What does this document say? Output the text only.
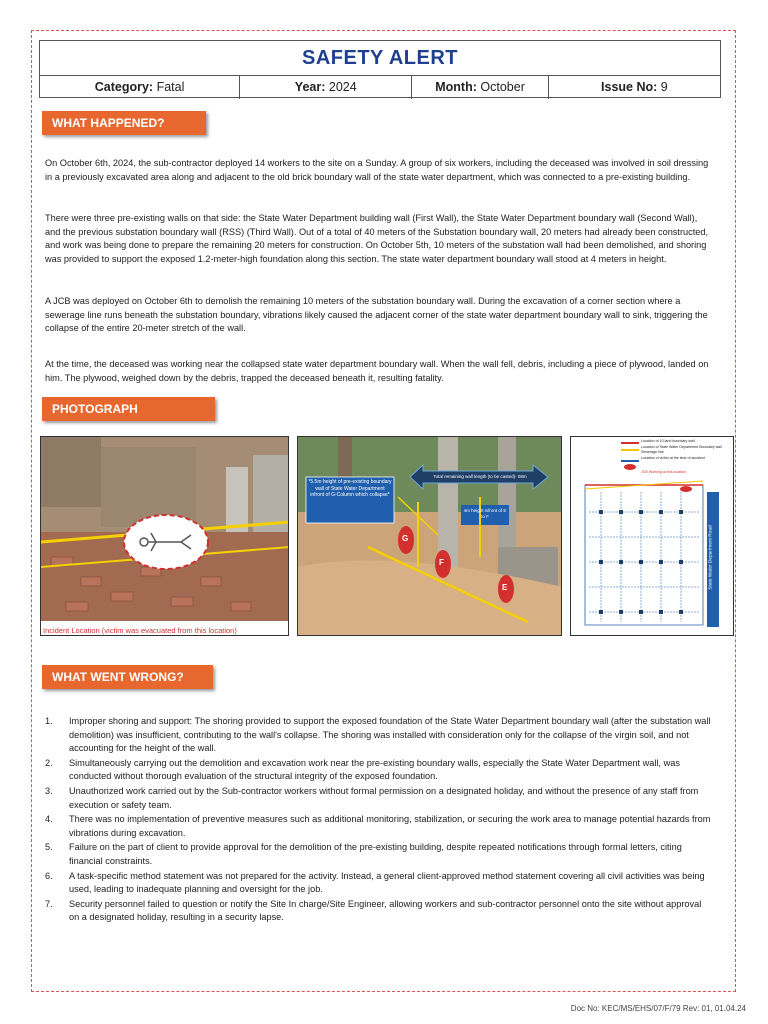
SAFETY ALERT
Category: Fatal	Year: 2024	Month: October	Issue No: 9
WHAT HAPPENED?
On October 6th, 2024, the sub-contractor deployed 14 workers to the site on a Sunday. A group of six workers, including the deceased was involved in soil dressing in a previously excavated area along and adjacent to the old brick boundary wall of the state water department, which was connected to a pre-existing building.
There were three pre-existing walls on that side: the State Water Department building wall (First Wall), the State Water Department boundary wall (Second Wall), and the previous substation boundary wall (RSS) (Third Wall). Out of a total of 40 meters of the Substation boundary wall, 20 meters had already been constructed, and work was being done to prepare the remaining 20 meters for construction. On October 5th, 10 meters of the substation wall had been demolished, and shoring was provided to support the exposed 1.2-meter-high foundation along this section. The state water department boundary wall stood at 4 meters in height.
A JCB was deployed on October 6th to demolish the remaining 10 meters of the substation boundary wall. During the excavation of a corner section where a sewerage line runs beneath the substation boundary, vibrations likely caused the adjacent corner of the state water department boundary wall to sink, triggering the collapse of the entire 20-meter stretch of the wall.
At the time, the deceased was working near the collapsed state water department boundary wall. When the wall fell, debris, including a piece of plywood, landed on him. The plywood, weighed down by the debris, trapped the deceased beneath it, resulting fatality.
PHOTOGRAPH
Incident Location (victim was evacuated from this location)
*5.5m height of pre-existing boundary wall of State Water Department infront of G-Column which collapse*
Total remaining wall length (to be casted)- 08m
4m height infront of E to F
G
F
E
Location of 10 land boundary wall
Location of State Water Department Boundary wall
Sewerage line
Location of victim at the time of accident
JCB Working at this location
State Water Department Road
WHAT WENT WRONG?
1. Improper shoring and support: The shoring provided to support the exposed foundation of the State Water Department boundary wall (after the substation wall demolition) was insufficient, contributing to the wall's collapse. The shoring was installed with consideration only for the collapse of the virgin soil, and not accounting for the height of the wall.
2. Simultaneously carrying out the demolition and excavation work near the pre-existing boundary walls, especially the State Water Department wall, was conducted without thorough evaluation of the structural integrity of the exposed foundation.
3. Unauthorized work carried out by the Sub-contractor workers without formal permission on a designated holiday, and without the presence of any staff from execution or safety team.
4. There was no implementation of preventive measures such as additional monitoring, stabilization, or securing the work area to manage potential hazards from vibrations during excavation.
5. Failure on the part of client to provide approval for the demolition of the pre-existing building, despite repeated notifications through formal letters, citing financial constraints.
6. A task-specific method statement was not prepared for the activity. Instead, a general client-approved method statement covering all civil activities was being used, leading to inadequate planning and oversight for the job.
7. Security personnel failed to question or notify the Site In charge/Site Engineer, allowing workers and sub-contractor personnel onto the site without approval on a designated holiday, resulting in a security lapse.
Doc No: KEC/MS/EHS/07/F/79 Rev: 01, 01.04.24
